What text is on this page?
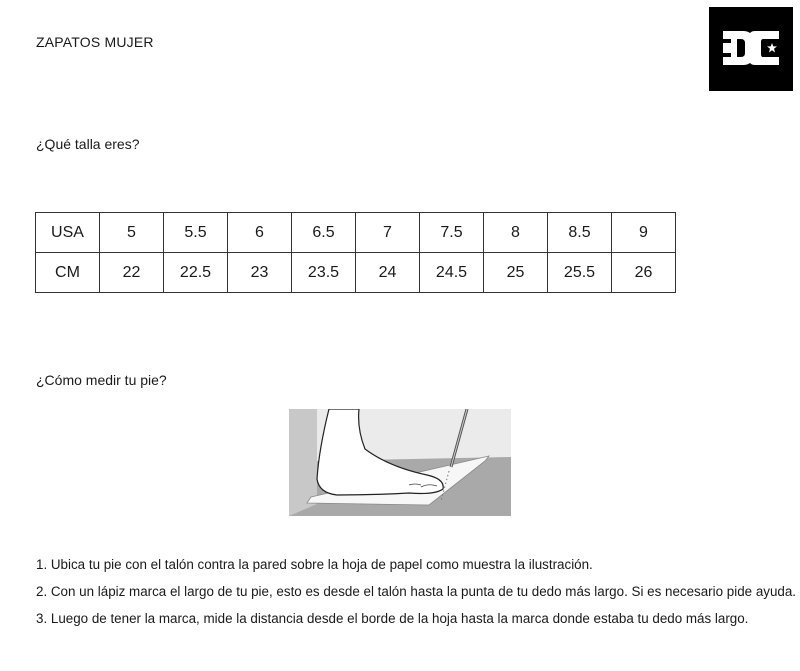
ZAPATOS MUJER
¿Qué talla eres?
USA	5	5.5	6	6.5	7	7.5	8	8.5	9
CM	22	22.5	23	23.5	24	24.5	25	25.5	26
¿Cómo medir tu pie?
1. Ubica tu pie con el talón contra la pared sobre la hoja de papel como muestra la ilustración.
2. Con un lápiz marca el largo de tu pie, esto es desde el talón hasta la punta de tu dedo más largo. Si es necesario pide ayuda.
3. Luego de tener la marca, mide la distancia desde el borde de la hoja hasta la marca donde estaba tu dedo más largo.
